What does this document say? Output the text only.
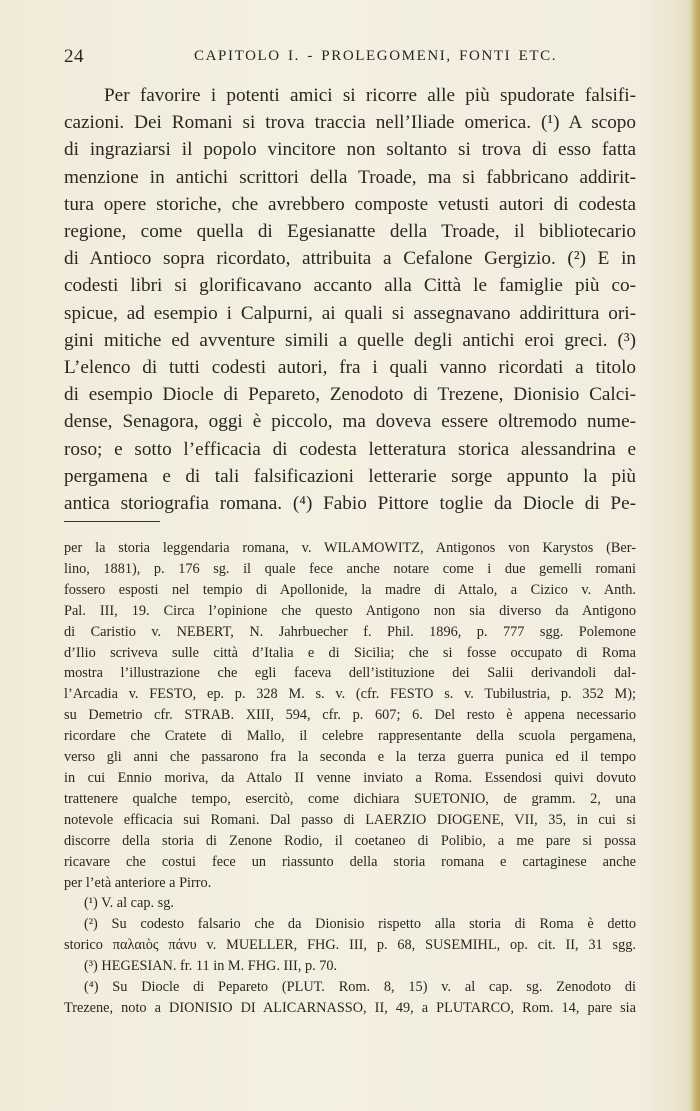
24	CAPITOLO I. - PROLEGOMENI, FONTI ETC.
Per favorire i potenti amici si ricorre alle più spudorate falsifi-
cazioni. Dei Romani si trova traccia nell’Iliade omerica. (¹) A scopo
di ingraziarsi il popolo vincitore non soltanto si trova di esso fatta
menzione in antichi scrittori della Troade, ma si fabbricano addirit-
tura opere storiche, che avrebbero composte vetusti autori di codesta
regione, come quella di Egesianatte della Troade, il bibliotecario
di Antioco sopra ricordato, attribuita a Cefalone Gergizio. (²) E in
codesti libri si glorificavano accanto alla Città le famiglie più co-
spicue, ad esempio i Calpurni, ai quali si assegnavano addirittura ori-
gini mitiche ed avventure simili a quelle degli antichi eroi greci. (³)
L’elenco di tutti codesti autori, fra i quali vanno ricordati a titolo
di esempio Diocle di Pepareto, Zenodoto di Trezene, Dionisio Calci-
dense, Senagora, oggi è piccolo, ma doveva essere oltremodo nume-
roso; e sotto l’efficacia di codesta letteratura storica alessandrina e
pergamena e di tali falsificazioni letterarie sorge appunto la più
antica storiografia romana. (⁴) Fabio Pittore toglie da Diocle di Pe-
per la storia leggendaria romana, v. WILAMOWITZ, Antigonos von Karystos (Ber-
lino, 1881), p. 176 sg. il quale fece anche notare come i due gemelli romani
fossero esposti nel tempio di Apollonide, la madre di Attalo, a Cizico v. Anth.
Pal. III, 19. Circa l’opinione che questo Antigono non sia diverso da Antigono
di Caristio v. NEBERT, N. Jahrbuecher f. Phil. 1896, p. 777 sgg. Polemone
d’Ilio scriveva sulle città d’Italia e di Sicilia; che si fosse occupato di Roma
mostra l’illustrazione che egli faceva dell’istituzione dei Salii derivandoli dal-
l’Arcadia v. FESTO, ep. p. 328 M. s. v. (cfr. FESTO s. v. Tubilustria, p. 352 M);
su Demetrio cfr. STRAB. XIII, 594, cfr. p. 607; 6. Del resto è appena necessario
ricordare che Cratete di Mallo, il celebre rappresentante della scuola pergamena,
verso gli anni che passarono fra la seconda e la terza guerra punica ed il tempo
in cui Ennio moriva, da Attalo II venne inviato a Roma. Essendosi quivi dovuto
trattenere qualche tempo, esercitò, come dichiara SUETONIO, de gramm. 2, una
notevole efficacia sui Romani. Dal passo di LAERZIO DIOGENE, VII, 35, in cui si
discorre della storia di Zenone Rodio, il coetaneo di Polibio, a me pare si possa
ricavare che costui fece un riassunto della storia romana e cartaginese anche
per l’età anteriore a Pirro.
(¹) V. al cap. sg.
(²) Su codesto falsario che da Dionisio rispetto alla storia di Roma è detto
storico παλαιὸς πάνυ v. MUELLER, FHG. III, p. 68, SUSEMIHL, op. cit. II, 31 sgg.
(³) HEGESIAN. fr. 11 in M. FHG. III, p. 70.
(⁴) Su Diocle di Pepareto (PLUT. Rom. 8, 15) v. al cap. sg. Zenodoto di
Trezene, noto a DIONISIO DI ALICARNASSO, II, 49, a PLUTARCO, Rom. 14, pare sia
